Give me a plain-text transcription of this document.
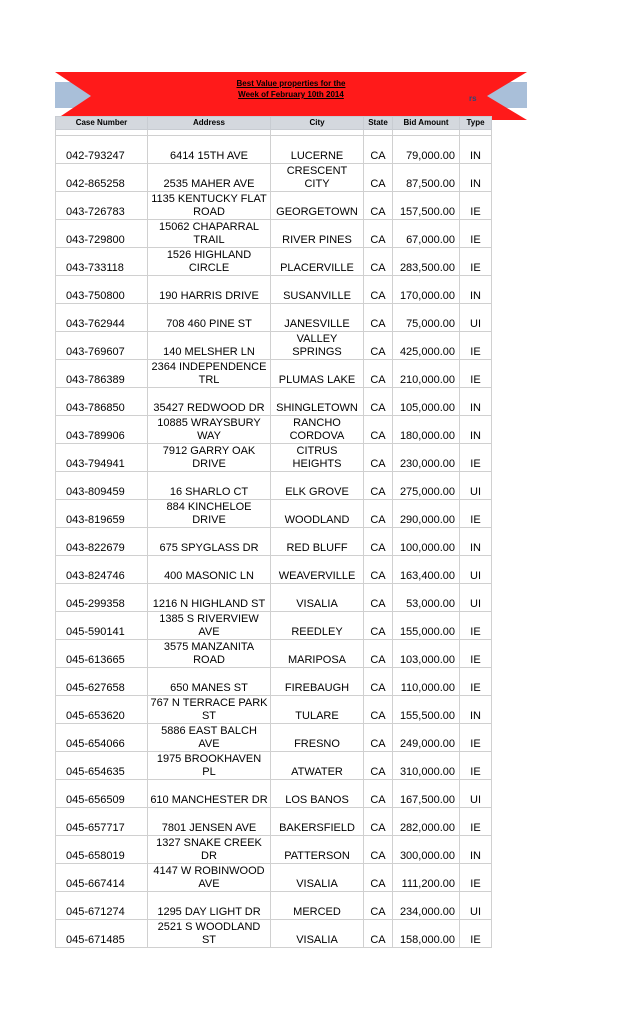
Best Value properties for the
Week of February 10th 2014	rs
Case Number	Address	City	State	Bid Amount	Type

042-793247	6414 15TH AVE	LUCERNE	CA	79,000.00	IN
042-865258	2535 MAHER AVE	CRESCENT CITY	CA	87,500.00	IN
043-726783	1135 KENTUCKY FLAT ROAD	GEORGETOWN	CA	157,500.00	IE
043-729800	15062 CHAPARRAL TRAIL	RIVER PINES	CA	67,000.00	IE
043-733118	1526 HIGHLAND CIRCLE	PLACERVILLE	CA	283,500.00	IE
043-750800	190 HARRIS DRIVE	SUSANVILLE	CA	170,000.00	IN
043-762944	708 460 PINE ST	JANESVILLE	CA	75,000.00	UI
043-769607	140 MELSHER LN	VALLEY SPRINGS	CA	425,000.00	IE
043-786389	2364 INDEPENDENCE TRL	PLUMAS LAKE	CA	210,000.00	IE
043-786850	35427 REDWOOD DR	SHINGLETOWN	CA	105,000.00	IN
043-789906	10885 WRAYSBURY WAY	RANCHO CORDOVA	CA	180,000.00	IN
043-794941	7912 GARRY OAK DRIVE	CITRUS HEIGHTS	CA	230,000.00	IE
043-809459	16 SHARLO CT	ELK GROVE	CA	275,000.00	UI
043-819659	884 KINCHELOE DRIVE	WOODLAND	CA	290,000.00	IE
043-822679	675 SPYGLASS DR	RED BLUFF	CA	100,000.00	IN
043-824746	400 MASONIC LN	WEAVERVILLE	CA	163,400.00	UI
045-299358	1216 N HIGHLAND ST	VISALIA	CA	53,000.00	UI
045-590141	1385 S RIVERVIEW AVE	REEDLEY	CA	155,000.00	IE
045-613665	3575 MANZANITA ROAD	MARIPOSA	CA	103,000.00	IE
045-627658	650 MANES ST	FIREBAUGH	CA	110,000.00	IE
045-653620	767 N TERRACE PARK ST	TULARE	CA	155,500.00	IN
045-654066	5886 EAST BALCH AVE	FRESNO	CA	249,000.00	IE
045-654635	1975 BROOKHAVEN PL	ATWATER	CA	310,000.00	IE
045-656509	610 MANCHESTER DR	LOS BANOS	CA	167,500.00	UI
045-657717	7801 JENSEN AVE	BAKERSFIELD	CA	282,000.00	IE
045-658019	1327 SNAKE CREEK DR	PATTERSON	CA	300,000.00	IN
045-667414	4147 W ROBINWOOD AVE	VISALIA	CA	111,200.00	IE
045-671274	1295 DAY LIGHT DR	MERCED	CA	234,000.00	UI
045-671485	2521 S WOODLAND ST	VISALIA	CA	158,000.00	IE
